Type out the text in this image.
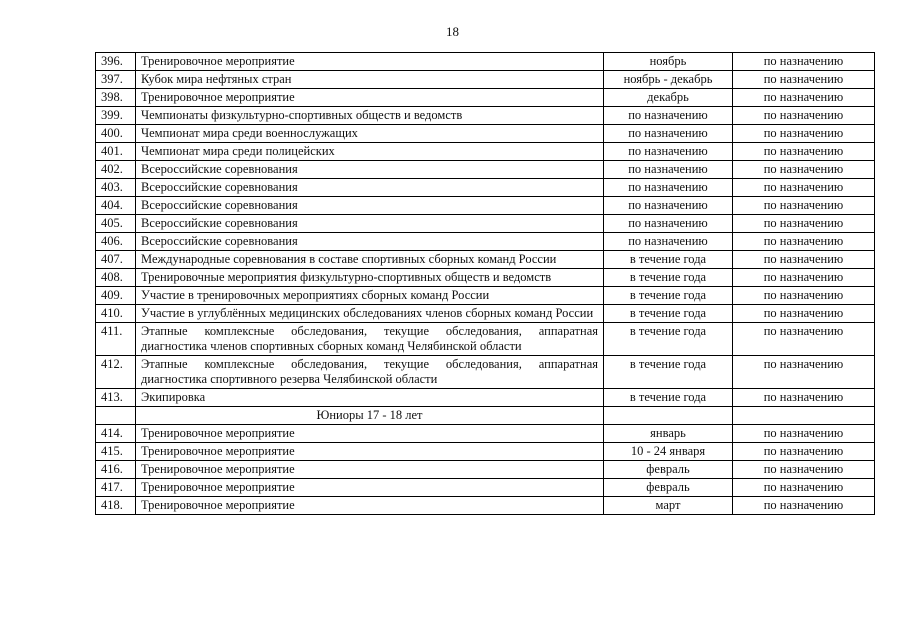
18
396.	Тренировочное мероприятие	ноябрь	по назначению
397.	Кубок мира нефтяных стран	ноябрь - декабрь	по назначению
398.	Тренировочное мероприятие	декабрь	по назначению
399.	Чемпионаты физкультурно-спортивных обществ и ведомств	по назначению	по назначению
400.	Чемпионат мира среди военнослужащих	по назначению	по назначению
401.	Чемпионат мира среди полицейских	по назначению	по назначению
402.	Всероссийские соревнования	по назначению	по назначению
403.	Всероссийские соревнования	по назначению	по назначению
404.	Всероссийские соревнования	по назначению	по назначению
405.	Всероссийские соревнования	по назначению	по назначению
406.	Всероссийские соревнования	по назначению	по назначению
407.	Международные соревнования в составе спортивных сборных команд России	в течение года	по назначению
408.	Тренировочные мероприятия физкультурно-спортивных обществ и ведомств	в течение года	по назначению
409.	Участие в тренировочных мероприятиях сборных команд России	в течение года	по назначению
410.	Участие в углублённых медицинских обследованиях членов сборных команд России	в течение года	по назначению
411.	Этапные комплексные обследования, текущие обследования, аппаратная диагностика членов спортивных сборных команд Челябинской области	в течение года	по назначению
412.	Этапные комплексные обследования, текущие обследования, аппаратная диагностика спортивного резерва Челябинской области	в течение года	по назначению
413.	Экипировка	в течение года	по назначению
	Юниоры 17 - 18 лет		
414.	Тренировочное мероприятие	январь	по назначению
415.	Тренировочное мероприятие	10 - 24 января	по назначению
416.	Тренировочное мероприятие	февраль	по назначению
417.	Тренировочное мероприятие	февраль	по назначению
418.	Тренировочное мероприятие	март	по назначению
